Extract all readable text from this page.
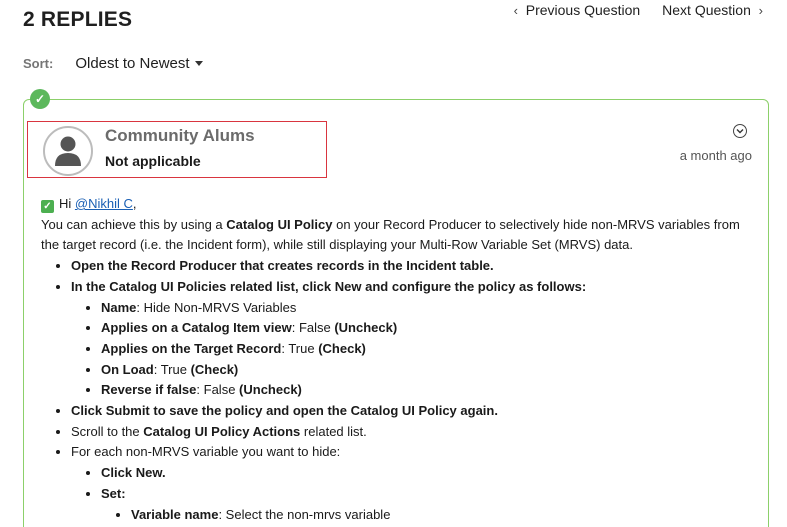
2 REPLIES	‹ Previous Question Next Question ›
Sort: Oldest to Newest
✓
Community Alums
Not applicable	a month ago

✓ Hi @Nikhil C,

You can achieve this by using a Catalog UI Policy on your Record Producer to selectively hide non-MRVS variables from the target record (i.e. the Incident form), while still displaying your Multi-Row Variable Set (MRVS) data.

• Open the Record Producer that creates records in the Incident table.
• In the Catalog UI Policies related list, click New and configure the policy as follows:
• Name: Hide Non-MRVS Variables
• Applies on a Catalog Item view: False (Uncheck)
• Applies on the Target Record: True (Check)
• On Load: True (Check)
• Reverse if false: False (Uncheck)
• Click Submit to save the policy and open the Catalog UI Policy again.
• Scroll to the Catalog UI Policy Actions related list.
• For each non-MRVS variable you want to hide:
• Click New.
• Set:
• Variable name: Select the non-mrvs variable
